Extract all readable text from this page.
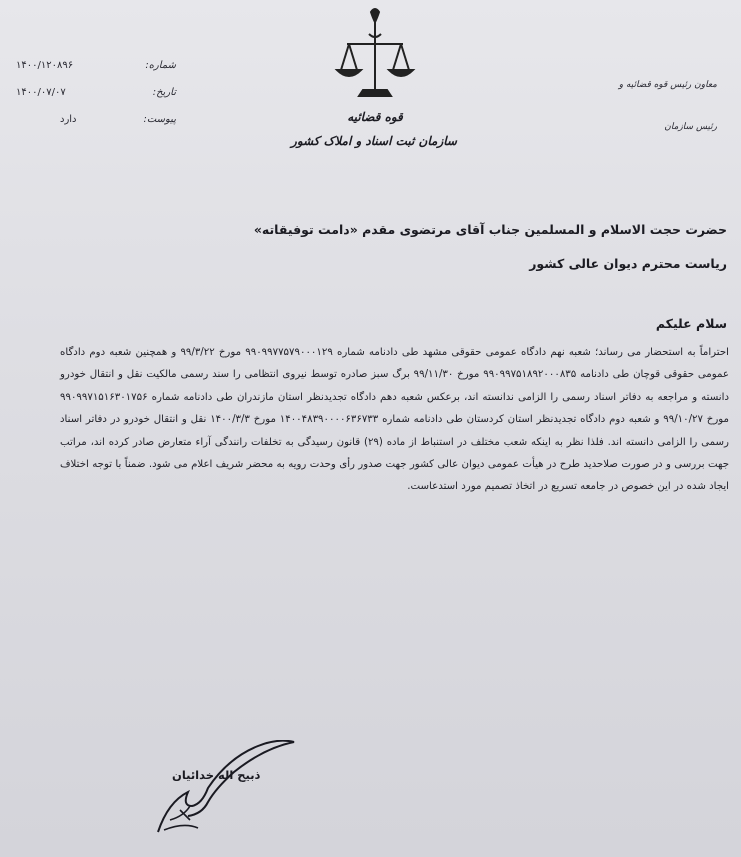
قوه قضائیه
سازمان ثبت اسناد و املاک کشور
۱۴۰۰/۱۲۰۸۹۶	شماره:
۱۴۰۰/۰۷/۰۷	تاریخ:
دارد	پیوست:
معاون رئیس قوه قضائیه و
رئیس سازمان
حضرت حجت الاسلام و المسلمین جناب آقای مرتضوی مقدم «دامت توفیقاته»
ریاست محترم دیوان عالی کشور
سلام علیکم

احتراماً به استحضار می رساند؛ شعبه نهم دادگاه عمومی حقوقی مشهد طی دادنامه شماره ۹۹۰۹۹۷۷۵۷۹۰۰۰۱۲۹ مورخ ۹۹/۳/۲۲ و همچنین شعبه دوم دادگاه عمومی حقوقی قوچان طی دادنامه ۹۹۰۹۹۷۵۱۸۹۲۰۰۰۸۳۵ مورخ ۹۹/۱۱/۳۰ برگ سبز صادره توسط نیروی انتظامی را سند رسمی مالکیت نقل و انتقال خودرو دانسته و مراجعه به دفاتر اسناد رسمی را الزامی ندانسته اند، برعکس شعبه دهم دادگاه تجدیدنظر استان مازندران طی دادنامه شماره ۹۹۰۹۹۷۱۵۱۶۳۰۱۷۵۶ مورخ ۹۹/۱۰/۲۷ و شعبه دوم دادگاه تجدیدنظر استان کردستان طی دادنامه شماره ۱۴۰۰۴۸۳۹۰۰۰۰۶۳۶۷۳۳ مورخ ۱۴۰۰/۳/۳ نقل و انتقال خودرو در دفاتر اسناد رسمی را الزامی دانسته اند. فلذا نظر به اینکه شعب مختلف در استنباط از ماده (۲۹) قانون رسیدگی به تخلفات رانندگی آراء متعارض صادر کرده اند، مراتب جهت بررسی و در صورت صلاحدید طرح در هیأت عمومی دیوان عالی کشور جهت صدور رأی وحدت رویه به محضر شریف اعلام می شود. ضمناً با توجه اختلاف ایجاد شده در این خصوص در جامعه تسریع در اتخاذ تصمیم مورد استدعاست.

ذبیح اله خدائیان
